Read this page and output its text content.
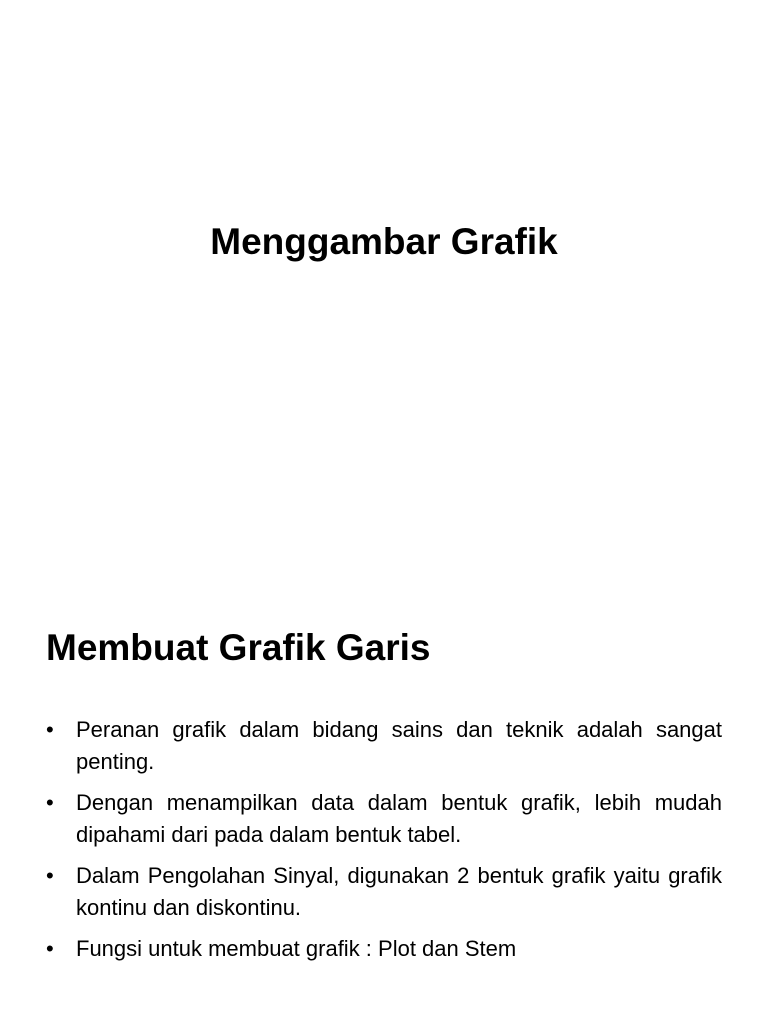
Menggambar Grafik
Membuat Grafik Garis
• Peranan grafik dalam bidang sains dan teknik adalah sangat penting.
• Dengan menampilkan data dalam bentuk grafik, lebih mudah dipahami dari pada dalam bentuk tabel.
• Dalam Pengolahan Sinyal, digunakan 2 bentuk grafik yaitu grafik kontinu dan diskontinu.
• Fungsi untuk membuat grafik : Plot dan Stem
